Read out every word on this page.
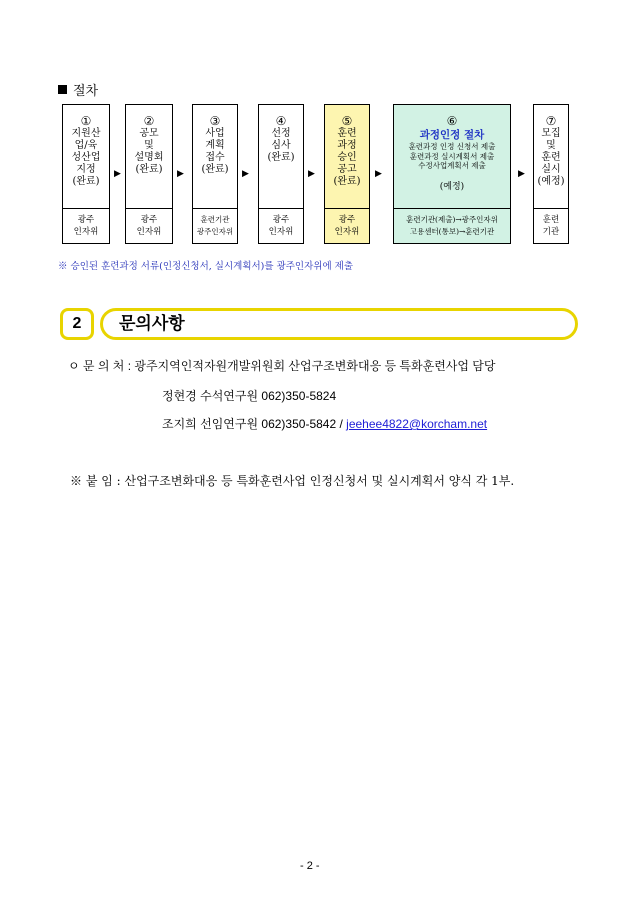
절차
①
지원산
업/육
성산업
지정
(완료)
광주
인자위
▶
②
공모
및
설명회
(완료)
광주
인자위
▶
③
사업
계획
접수
(완료)
훈련기관
광주인자위
▶
④
선정
심사
(완료)
광주
인자위
▶
⑤
훈련
과정
승인
공고
(완료)
광주
인자위
▶
⑥
과정인정 절차
훈련과정 인정 신청서 제출
훈련과정 실시계획서 제출
수정사업계획서 제출
(예정)
훈련기관(제출)→광주인자위
고용센터(통보)→훈련기관
▶
⑦
모집
및
훈련
실시
(예정)
훈련
기관
※ 승인된 훈련과정 서류(인정신청서, 실시계획서)를 광주인자위에 제출
2	문의사항
ㅇ 문 의 처 : 광주지역인적자원개발위원회 산업구조변화대응 등 특화훈련사업 담당
정현경 수석연구원 062)350-5824
조지희 선임연구원 062)350-5842 / jeehee4822@korcham.net
※ 붙 임 : 산업구조변화대응 등 특화훈련사업 인정신청서 및 실시계획서 양식 각 1부.
- 2 -
